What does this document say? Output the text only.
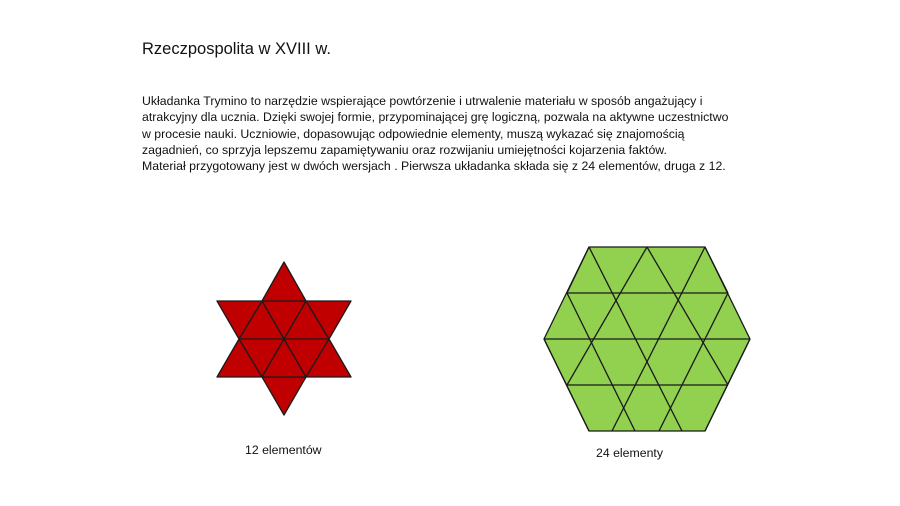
Rzeczpospolita w XVIII w.

Układanka Trymino to narzędzie wspierające powtórzenie i utrwalenie materiału w sposób angażujący i

atrakcyjny dla ucznia. Dzięki swojej formie, przypominającej grę logiczną, pozwala na aktywne uczestnictwo

w procesie nauki. Uczniowie, dopasowując odpowiednie elementy, muszą wykazać się znajomością

zagadnień, co sprzyja lepszemu zapamiętywaniu oraz rozwijaniu umiejętności kojarzenia faktów.

Materiał przygotowany jest w dwóch wersjach . Pierwsza układanka składa się z 24 elementów, druga z 12.

12 elementów	24 elementy
